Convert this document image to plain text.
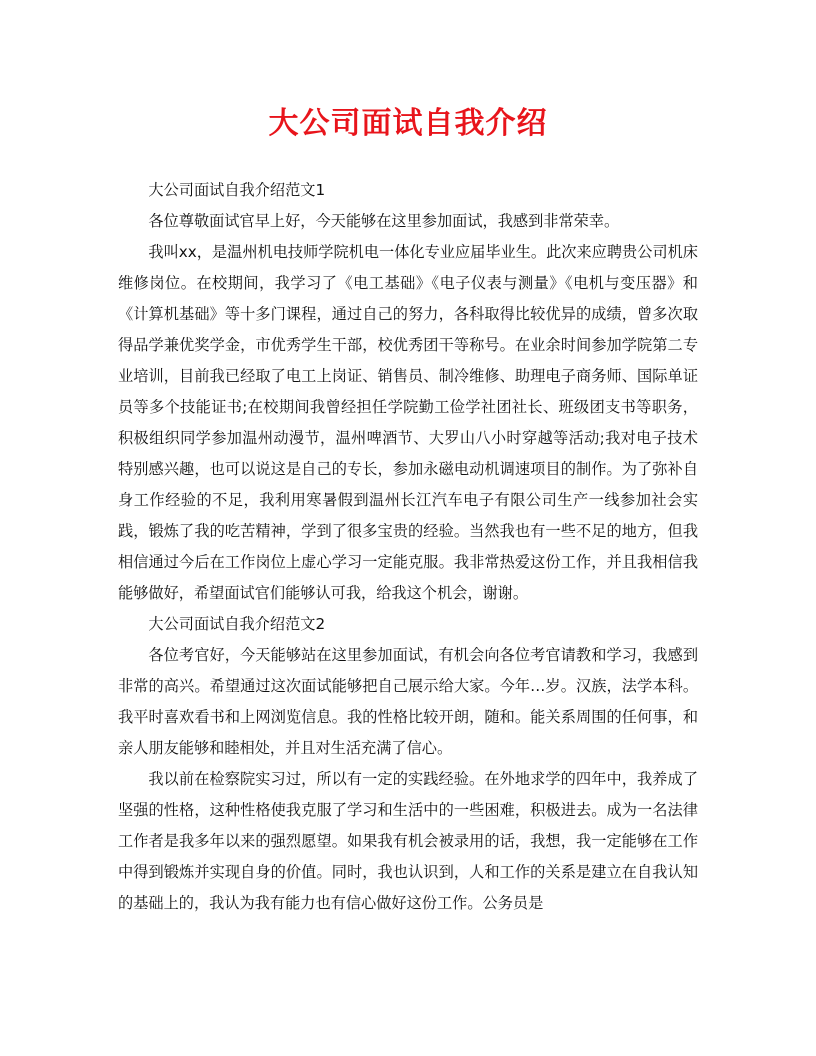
大公司面试自我介绍

大公司面试自我介绍范文1

各位尊敬面试官早上好，今天能够在这里参加面试，我感到非常荣幸。

我叫xx，是温州机电技师学院机电一体化专业应届毕业生。此次来应聘贵公司机床维修岗位。在校期间，我学习了《电工基础》《电子仪表与测量》《电机与变压器》和《计算机基础》等十多门课程，通过自己的努力，各科取得比较优异的成绩，曾多次取得品学兼优奖学金，市优秀学生干部，校优秀团干等称号。在业余时间参加学院第二专业培训，目前我已经取了电工上岗证、销售员、制冷维修、助理电子商务师、国际单证员等多个技能证书;在校期间我曾经担任学院勤工俭学社团社长、班级团支书等职务，积极组织同学参加温州动漫节，温州啤酒节、大罗山八小时穿越等活动;我对电子技术特别感兴趣，也可以说这是自己的专长，参加永磁电动机调速项目的制作。为了弥补自身工作经验的不足，我利用寒暑假到温州长江汽车电子有限公司生产一线参加社会实践，锻炼了我的吃苦精神，学到了很多宝贵的经验。当然我也有一些不足的地方，但我相信通过今后在工作岗位上虚心学习一定能克服。我非常热爱这份工作，并且我相信我能够做好，希望面试官们能够认可我，给我这个机会，谢谢。

大公司面试自我介绍范文2

各位考官好，今天能够站在这里参加面试，有机会向各位考官请教和学习，我感到非常的高兴。希望通过这次面试能够把自己展示给大家。今年…岁。汉族，法学本科。我平时喜欢看书和上网浏览信息。我的性格比较开朗，随和。能关系周围的任何事，和亲人朋友能够和睦相处，并且对生活充满了信心。

我以前在检察院实习过，所以有一定的实践经验。在外地求学的四年中，我养成了坚强的性格，这种性格使我克服了学习和生活中的一些困难，积极进去。成为一名法律工作者是我多年以来的强烈愿望。如果我有机会被录用的话，我想，我一定能够在工作中得到锻炼并实现自身的价值。同时，我也认识到，人和工作的关系是建立在自我认知的基础上的，我认为我有能力也有信心做好这份工作。公务员是
